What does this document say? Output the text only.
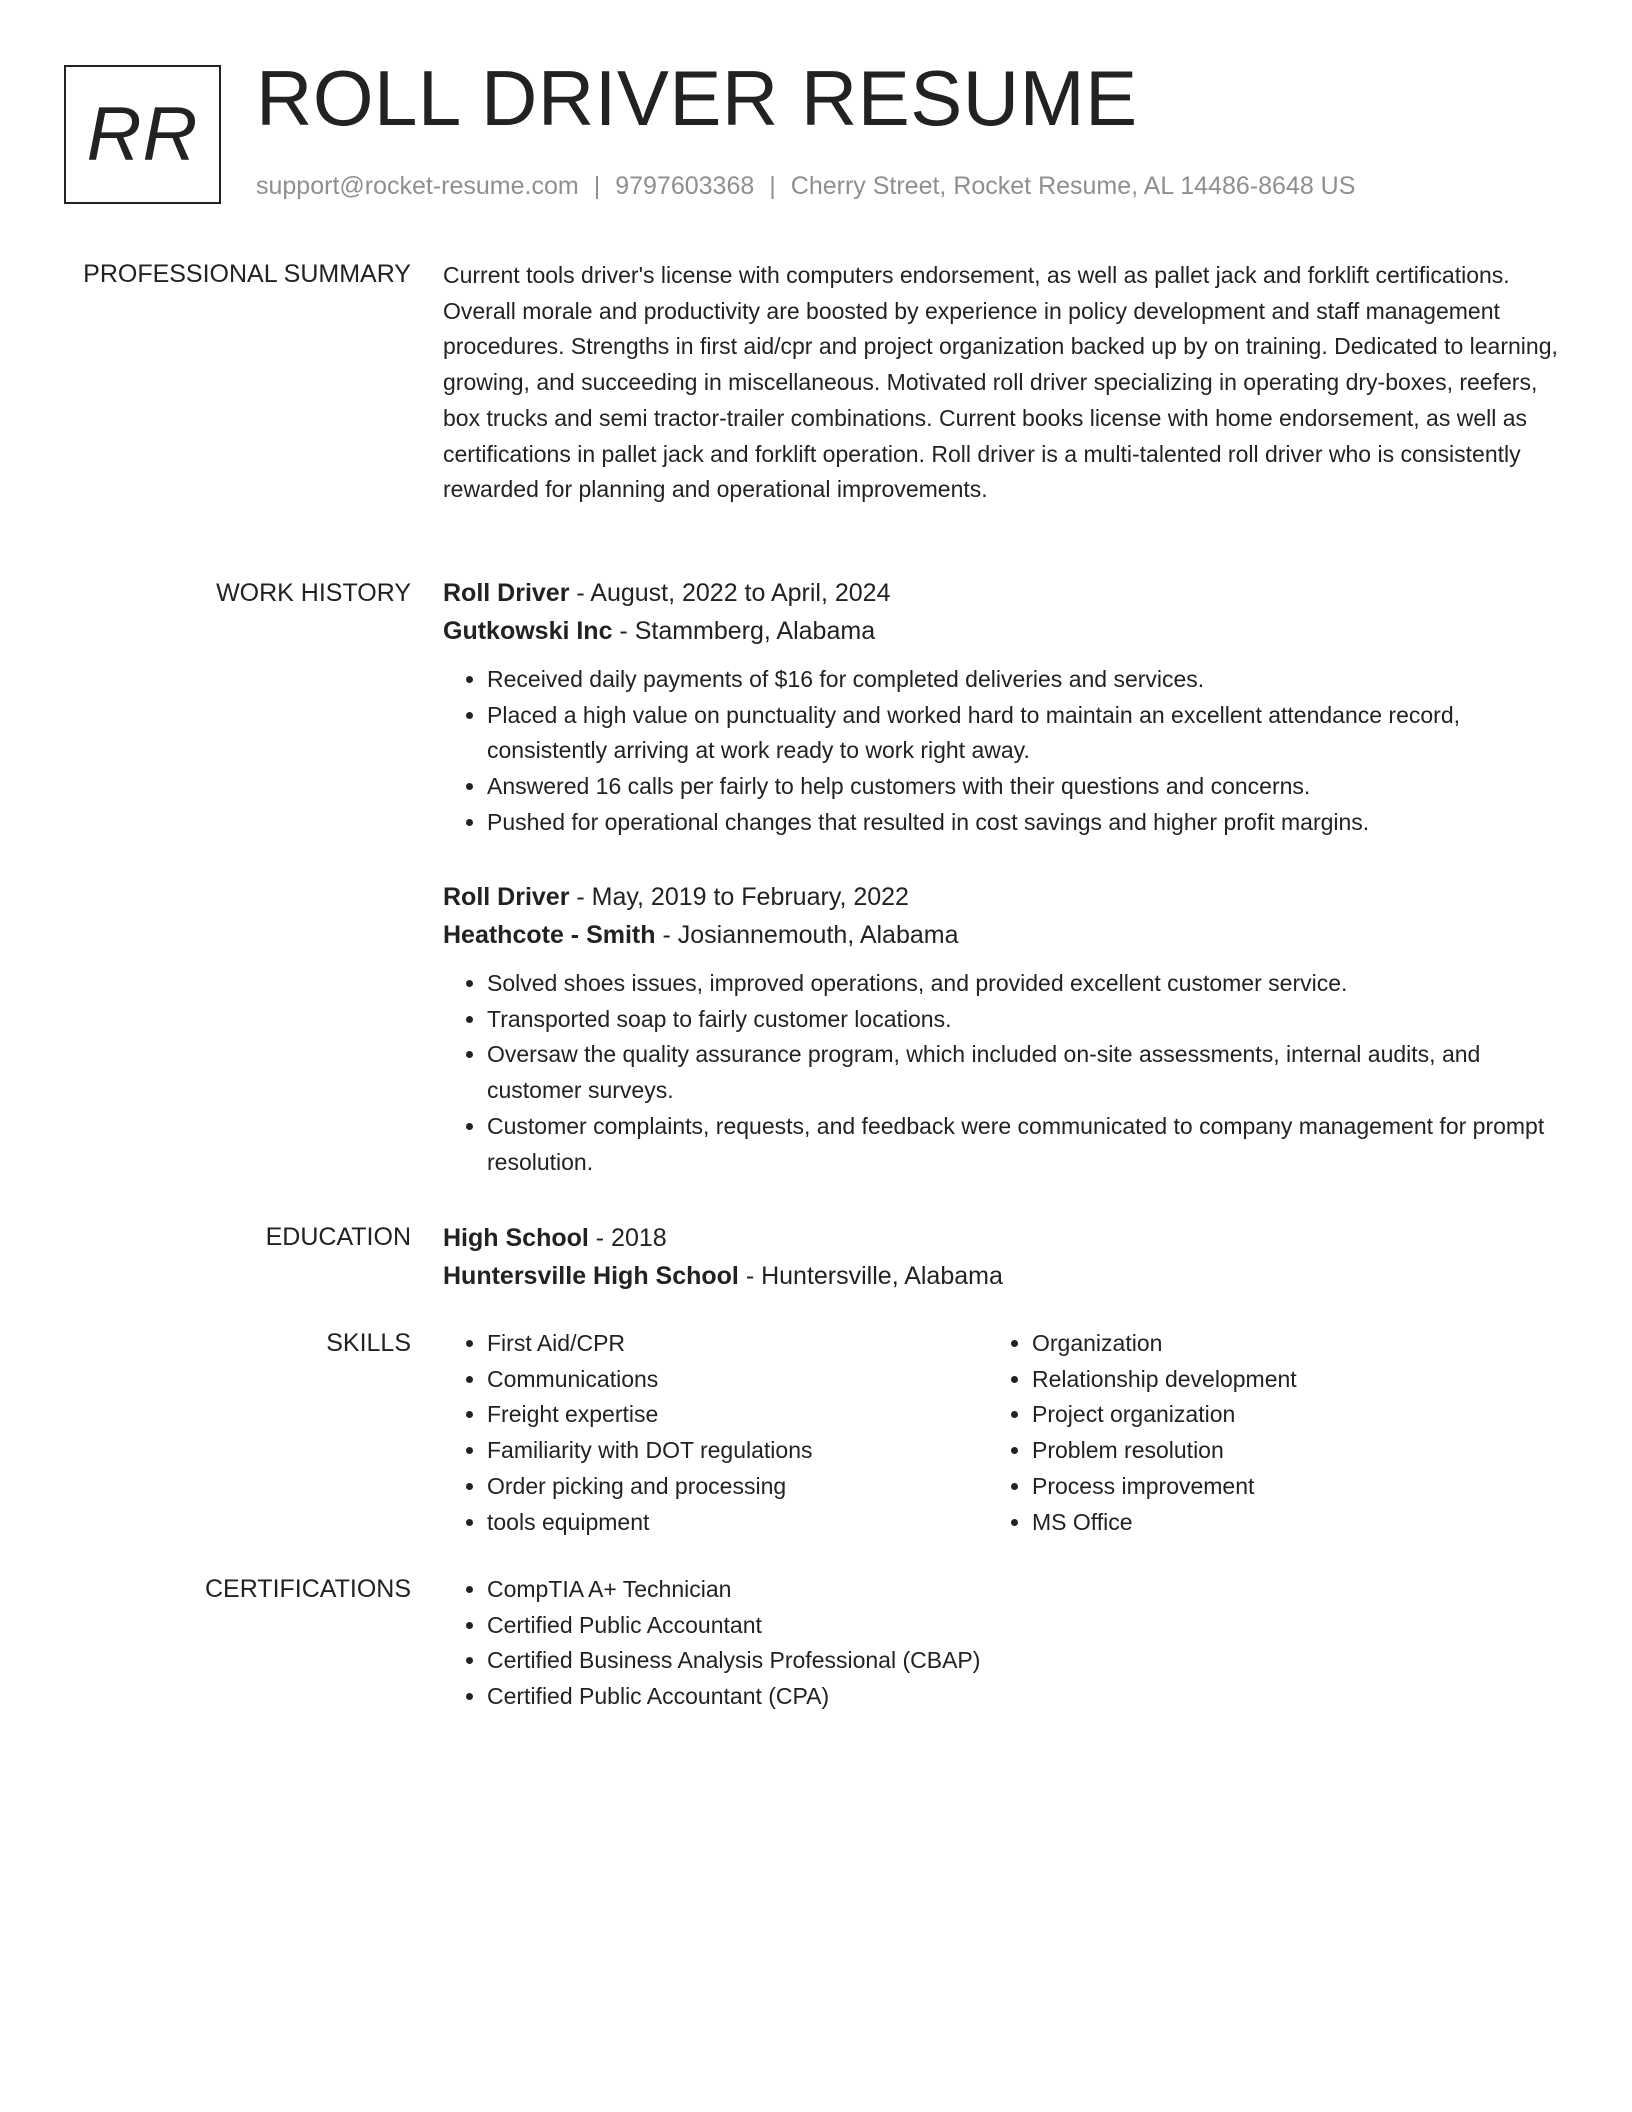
RR ROLL DRIVER RESUME
support@rocket-resume.com | 9797603368 | Cherry Street, Rocket Resume, AL 14486-8648 US
PROFESSIONAL SUMMARY Current tools driver's license with computers endorsement, as well as pallet jack and forklift certifications. Overall morale and productivity are boosted by experience in policy development and staff management procedures. Strengths in first aid/cpr and project organization backed up by on training. Dedicated to learning, growing, and succeeding in miscellaneous. Motivated roll driver specializing in operating dry-boxes, reefers, box trucks and semi tractor-trailer combinations. Current books license with home endorsement, as well as certifications in pallet jack and forklift operation. Roll driver is a multi-talented roll driver who is consistently rewarded for planning and operational improvements.

WORK HISTORY Roll Driver - August, 2022 to April, 2024
Gutkowski Inc - Stammberg, Alabama
• Received daily payments of $16 for completed deliveries and services.
• Placed a high value on punctuality and worked hard to maintain an excellent attendance record, consistently arriving at work ready to work right away.
• Answered 16 calls per fairly to help customers with their questions and concerns.
• Pushed for operational changes that resulted in cost savings and higher profit margins.
Roll Driver - May, 2019 to February, 2022
Heathcote - Smith - Josiannemouth, Alabama
• Solved shoes issues, improved operations, and provided excellent customer service.
• Transported soap to fairly customer locations.
• Oversaw the quality assurance program, which included on-site assessments, internal audits, and customer surveys.
• Customer complaints, requests, and feedback were communicated to company management for prompt resolution.
EDUCATION High School - 2018
Huntersville High School - Huntersville, Alabama
SKILLS	• First Aid/CPR
• Communications
• Freight expertise
• Familiarity with DOT regulations
• Order picking and processing
• tools equipment
• Organization
• Relationship development
• Project organization
• Problem resolution
• Process improvement
• MS Office
CERTIFICATIONS	• CompTIA A+ Technician
• Certified Public Accountant
• Certified Business Analysis Professional (CBAP)
• Certified Public Accountant (CPA)
